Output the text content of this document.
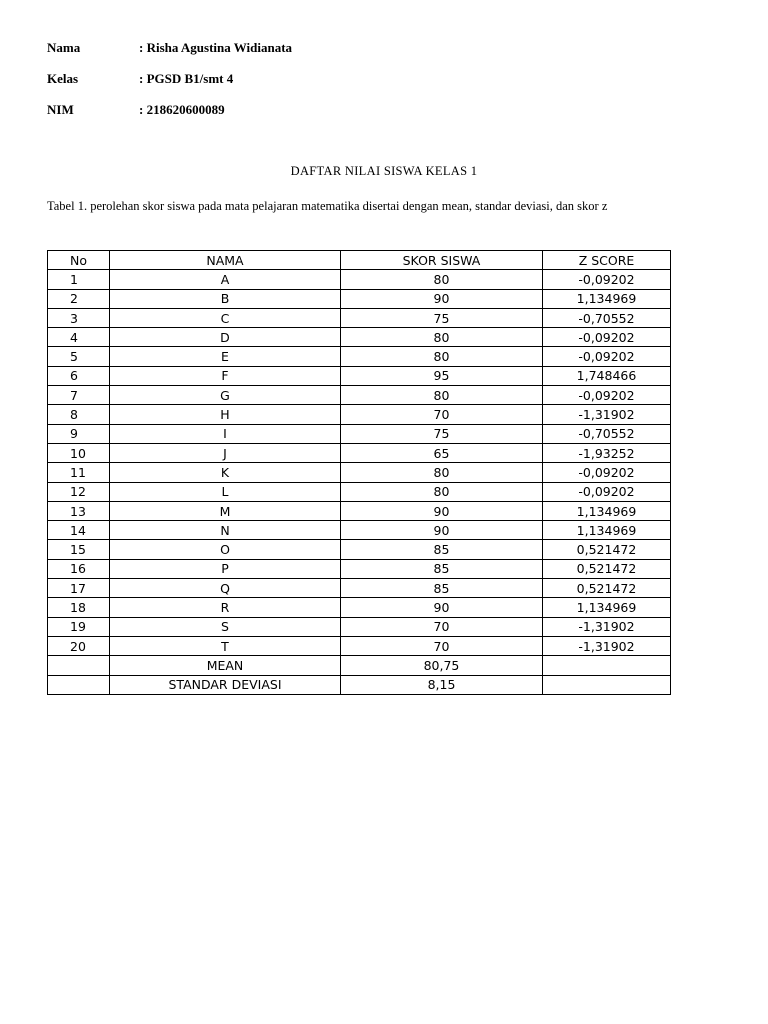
Nama	: Risha Agustina Widianata
Kelas	: PGSD B1/smt 4
NIM	: 218620600089
DAFTAR NILAI SISWA KELAS 1
Tabel 1. perolehan skor siswa pada mata pelajaran matematika disertai dengan mean, standar deviasi, dan skor z
No	NAMA	SKOR SISWA	Z SCORE
1	A	80	-0,09202
2	B	90	1,134969
3	C	75	-0,70552
4	D	80	-0,09202
5	E	80	-0,09202
6	F	95	1,748466
7	G	80	-0,09202
8	H	70	-1,31902
9	I	75	-0,70552
10	J	65	-1,93252
11	K	80	-0,09202
12	L	80	-0,09202
13	M	90	1,134969
14	N	90	1,134969
15	O	85	0,521472
16	P	85	0,521472
17	Q	85	0,521472
18	R	90	1,134969
19	S	70	-1,31902
20	T	70	-1,31902
	MEAN	80,75	
	STANDAR DEVIASI	8,15	
